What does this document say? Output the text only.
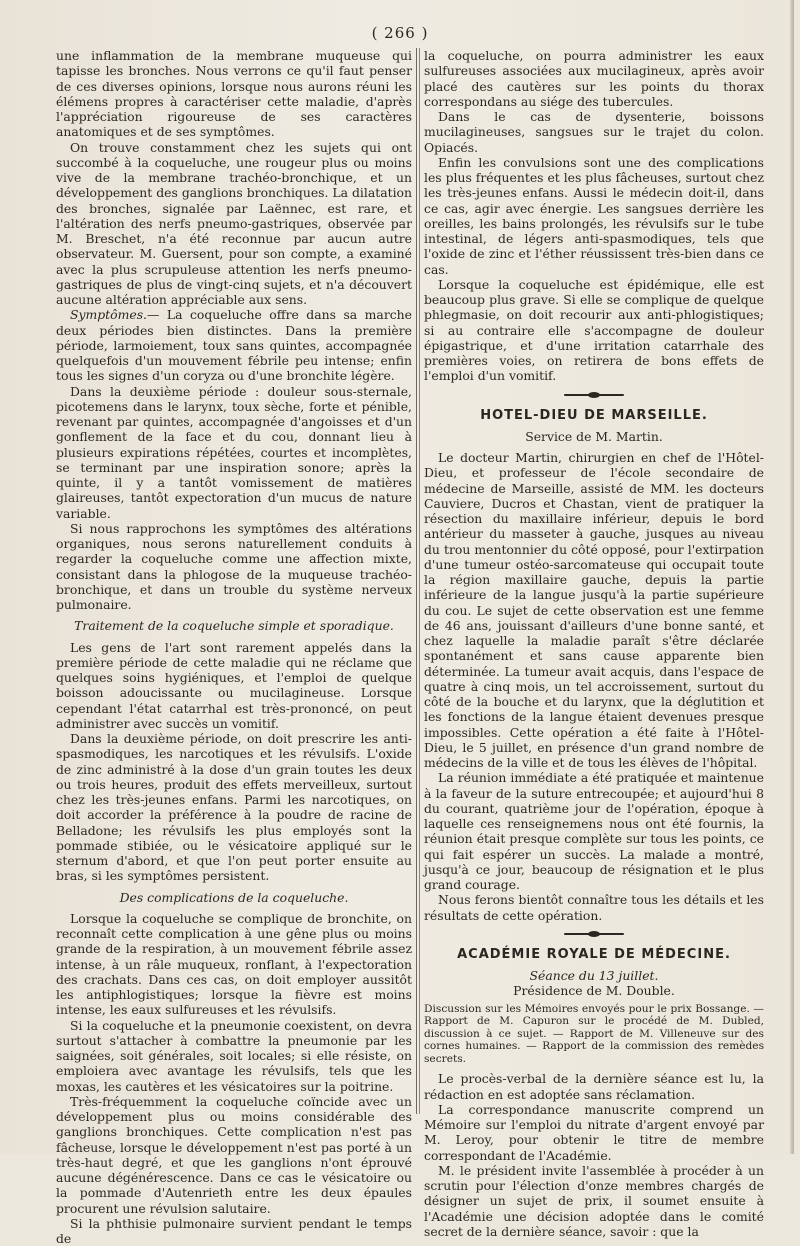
( 266 )

une inflammation de la membrane muqueuse qui tapisse les bronches. Nous verrons ce qu'il faut penser de ces diverses opinions, lorsque nous aurons réuni les élémens propres à caractériser cette maladie, d'après l'appréciation rigoureuse de ses caractères anatomiques et de ses symptômes.

On trouve constamment chez les sujets qui ont succombé à la coqueluche, une rougeur plus ou moins vive de la membrane trachéo-bronchique, et un développement des ganglions bronchiques. La dilatation des bronches, signalée par Laënnec, est rare, et l'altération des nerfs pneumo-gastriques, observée par M. Breschet, n'a été reconnue par aucun autre observateur. M. Guersent, pour son compte, a examiné avec la plus scrupuleuse attention les nerfs pneumo-gastriques de plus de vingt-cinq sujets, et n'a découvert aucune altération appréciable aux sens.

Symptômes.— La coqueluche offre dans sa marche deux périodes bien distinctes. Dans la première période, larmoiement, toux sans quintes, accompagnée quelquefois d'un mouvement fébrile peu intense; enfin tous les signes d'un coryza ou d'une bronchite légère.

Dans la deuxième période : douleur sous-sternale, picotemens dans le larynx, toux sèche, forte et pénible, revenant par quintes, accompagnée d'angoisses et d'un gonflement de la face et du cou, donnant lieu à plusieurs expirations répétées, courtes et incomplètes, se terminant par une inspiration sonore; après la quinte, il y a tantôt vomissement de matières glaireuses, tantôt expectoration d'un mucus de nature variable.

Si nous rapprochons les symptômes des altérations organiques, nous serons naturellement conduits à regarder la coqueluche comme une affection mixte, consistant dans la phlogose de la muqueuse trachéo-bronchique, et dans un trouble du système nerveux pulmonaire.

Traitement de la coqueluche simple et sporadique.

Les gens de l'art sont rarement appelés dans la première période de cette maladie qui ne réclame que quelques soins hygiéniques, et l'emploi de quelque boisson adoucissante ou mucilagineuse. Lorsque cependant l'état catarrhal est très-prononcé, on peut administrer avec succès un vomitif.

Dans la deuxième période, on doit prescrire les anti-spasmodiques, les narcotiques et les révulsifs. L'oxide de zinc administré à la dose d'un grain toutes les deux ou trois heures, produit des effets merveilleux, surtout chez les très-jeunes enfans. Parmi les narcotiques, on doit accorder la préférence à la poudre de racine de Belladone; les révulsifs les plus employés sont la pommade stibiée, ou le vésicatoire appliqué sur le sternum d'abord, et que l'on peut porter ensuite au bras, si les symptômes persistent.

Des complications de la coqueluche.

Lorsque la coqueluche se complique de bronchite, on reconnaît cette complication à une gêne plus ou moins grande de la respiration, à un mouvement fébrile assez intense, à un râle muqueux, ronflant, à l'expectoration des crachats. Dans ces cas, on doit employer aussitôt les antiphlogistiques; lorsque la fièvre est moins intense, les eaux sulfureuses et les révulsifs.

Si la coqueluche et la pneumonie coexistent, on devra surtout s'attacher à combattre la pneumonie par les saignées, soit générales, soit locales; si elle résiste, on emploiera avec avantage les révulsifs, tels que les moxas, les cautères et les vésicatoires sur la poitrine.

Très-fréquemment la coqueluche coïncide avec un développement plus ou moins considérable des ganglions bronchiques. Cette complication n'est pas fâcheuse, lorsque le développement n'est pas porté à un très-haut degré, et que les ganglions n'ont éprouvé aucune dégénérescence. Dans ce cas le vésicatoire ou la pommade d'Autenrieth entre les deux épaules procurent une révulsion salutaire.

Si la phthisie pulmonaire survient pendant le temps de

la coqueluche, on pourra administrer les eaux sulfureuses associées aux mucilagineux, après avoir placé des cautères sur les points du thorax correspondans au siége des tubercules.

Dans le cas de dysenterie, boissons mucilagineuses, sangsues sur le trajet du colon. Opiacés.

Enfin les convulsions sont une des complications les plus fréquentes et les plus fâcheuses, surtout chez les très-jeunes enfans. Aussi le médecin doit-il, dans ce cas, agir avec énergie. Les sangsues derrière les oreilles, les bains prolongés, les révulsifs sur le tube intestinal, de légers anti-spasmodiques, tels que l'oxide de zinc et l'éther réussissent très-bien dans ce cas.

Lorsque la coqueluche est épidémique, elle est beaucoup plus grave. Si elle se complique de quelque phlegmasie, on doit recourir aux anti-phlogistiques; si au contraire elle s'accompagne de douleur épigastrique, et d'une irritation catarrhale des premières voies, on retirera de bons effets de l'emploi d'un vomitif.

HOTEL-DIEU DE MARSEILLE.

Service de M. Martin.

Le docteur Martin, chirurgien en chef de l'Hôtel-Dieu, et professeur de l'école secondaire de médecine de Marseille, assisté de MM. les docteurs Cauviere, Ducros et Chastan, vient de pratiquer la résection du maxillaire inférieur, depuis le bord antérieur du masseter à gauche, jusques au niveau du trou mentonnier du côté opposé, pour l'extirpation d'une tumeur ostéo-sarcomateuse qui occupait toute la région maxillaire gauche, depuis la partie inférieure de la langue jusqu'à la partie supérieure du cou. Le sujet de cette observation est une femme de 46 ans, jouissant d'ailleurs d'une bonne santé, et chez laquelle la maladie paraît s'être déclarée spontanément et sans cause apparente bien déterminée. La tumeur avait acquis, dans l'espace de quatre à cinq mois, un tel accroissement, surtout du côté de la bouche et du larynx, que la déglutition et les fonctions de la langue étaient devenues presque impossibles. Cette opération a été faite à l'Hôtel-Dieu, le 5 juillet, en présence d'un grand nombre de médecins de la ville et de tous les élèves de l'hôpital.

La réunion immédiate a été pratiquée et maintenue à la faveur de la suture entrecoupée; et aujourd'hui 8 du courant, quatrième jour de l'opération, époque à laquelle ces renseignemens nous ont été fournis, la réunion était presque complète sur tous les points, ce qui fait espérer un succès. La malade a montré, jusqu'à ce jour, beaucoup de résignation et le plus grand courage.

Nous ferons bientôt connaître tous les détails et les résultats de cette opération.

ACADÉMIE ROYALE DE MÉDECINE.

Séance du 13 juillet.

Présidence de M. Double.

Discussion sur les Mémoires envoyés pour le prix Bossange. — Rapport de M. Capuron sur le procédé de M. Dubled, discussion à ce sujet. — Rapport de M. Villeneuve sur des cornes humaines. — Rapport de la commission des remèdes secrets.

Le procès-verbal de la dernière séance est lu, la rédaction en est adoptée sans réclamation.

La correspondance manuscrite comprend un Mémoire sur l'emploi du nitrate d'argent envoyé par M. Leroy, pour obtenir le titre de membre correspondant de l'Académie.

M. le président invite l'assemblée à procéder à un scrutin pour l'élection d'onze membres chargés de désigner un sujet de prix, il soumet ensuite à l'Académie une décision adoptée dans le comité secret de la dernière séance, savoir : que la
